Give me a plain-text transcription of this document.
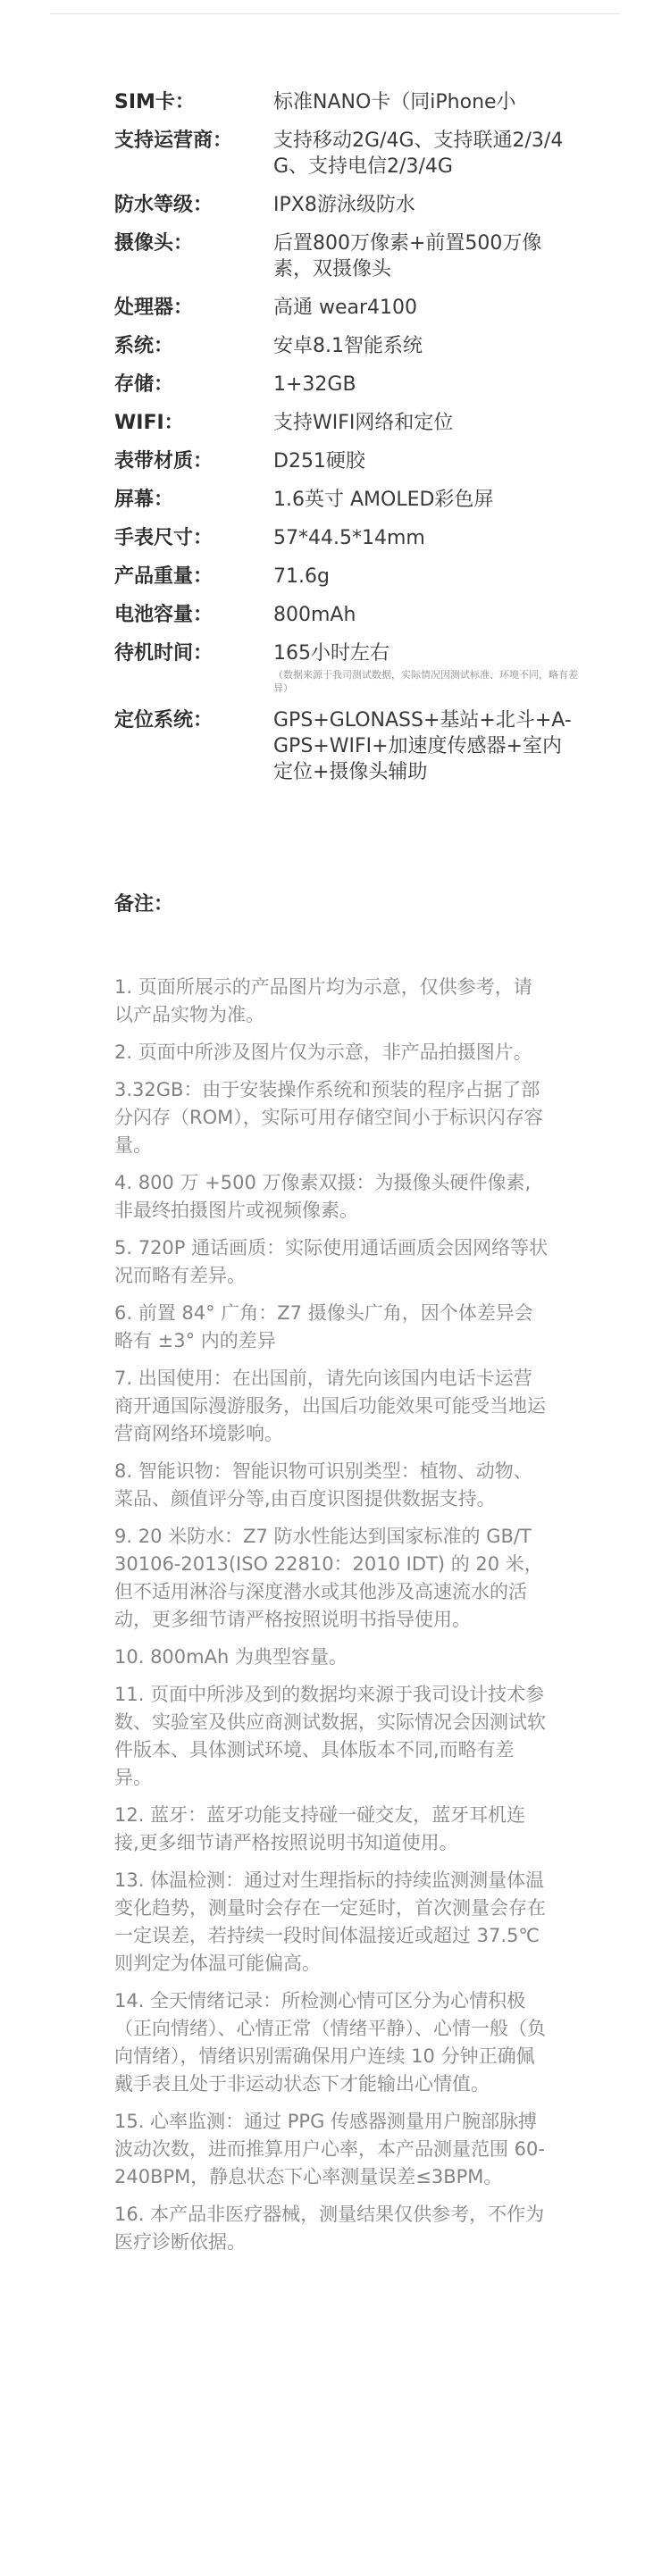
SIM卡：	标准NANO卡（同iPhone小
支持运营商：	支持移动2G/4G、支持联通2/3/4G、支持电信2/3/4G
防水等级：	IPX8游泳级防水
摄像头：	后置800万像素+前置500万像素，双摄像头
处理器：	高通 wear4100
系统：	安卓8.1智能系统
存储：	1+32GB
WIFI：	支持WIFI网络和定位
表带材质：	D251硬胶
屏幕：	1.6英寸 AMOLED彩色屏
手表尺寸：	57*44.5*14mm
产品重量：	71.6g
电池容量：	800mAh
待机时间：	165小时左右
（数据来源于我司测试数据，实际情况因测试标准、环境不同，略有差异）
定位系统：	GPS+GLONASS+基站+北斗+A-GPS+WIFI+加速度传感器+室内定位+摄像头辅助
备注：
1. 页面所展示的产品图片均为示意，仅供参考，请以产品实物为准。
2. 页面中所涉及图片仅为示意，非产品拍摄图片。
3.32GB：由于安装操作系统和预装的程序占据了部分闪存（ROM），实际可用存储空间小于标识闪存容量。
4. 800 万 +500 万像素双摄：为摄像头硬件像素,非最终拍摄图片或视频像素。
5. 720P 通话画质：实际使用通话画质会因网络等状况而略有差异。
6. 前置 84° 广角：Z7 摄像头广角，因个体差异会略有 ±3° 内的差异
7. 出国使用：在出国前，请先向该国内电话卡运营商开通国际漫游服务，出国后功能效果可能受当地运营商网络环境影响。
8. 智能识物：智能识物可识别类型：植物、动物、菜品、颜值评分等,由百度识图提供数据支持。
9. 20 米防水：Z7 防水性能达到国家标准的 GB/T 30106-2013(ISO 22810：2010 IDT) 的 20 米，但不适用淋浴与深度潜水或其他涉及高速流水的活动，更多细节请严格按照说明书指导使用。
10. 800mAh 为典型容量。
11. 页面中所涉及到的数据均来源于我司设计技术参数、实验室及供应商测试数据，实际情况会因测试软件版本、具体测试环境、具体版本不同,而略有差异。
12. 蓝牙：蓝牙功能支持碰一碰交友，蓝牙耳机连接,更多细节请严格按照说明书知道使用。
13. 体温检测：通过对生理指标的持续监测测量体温变化趋势，测量时会存在一定延时，首次测量会存在一定误差，若持续一段时间体温接近或超过 37.5℃则判定为体温可能偏高。
14. 全天情绪记录：所检测心情可区分为心情积极（正向情绪）、心情正常（情绪平静）、心情一般（负向情绪），情绪识别需确保用户连续 10 分钟正确佩戴手表且处于非运动状态下才能输出心情值。
15. 心率监测：通过 PPG 传感器测量用户腕部脉搏波动次数，进而推算用户心率，本产品测量范围 60-240BPM，静息状态下心率测量误差≤3BPM。
16. 本产品非医疗器械，测量结果仅供参考，不作为医疗诊断依据。
